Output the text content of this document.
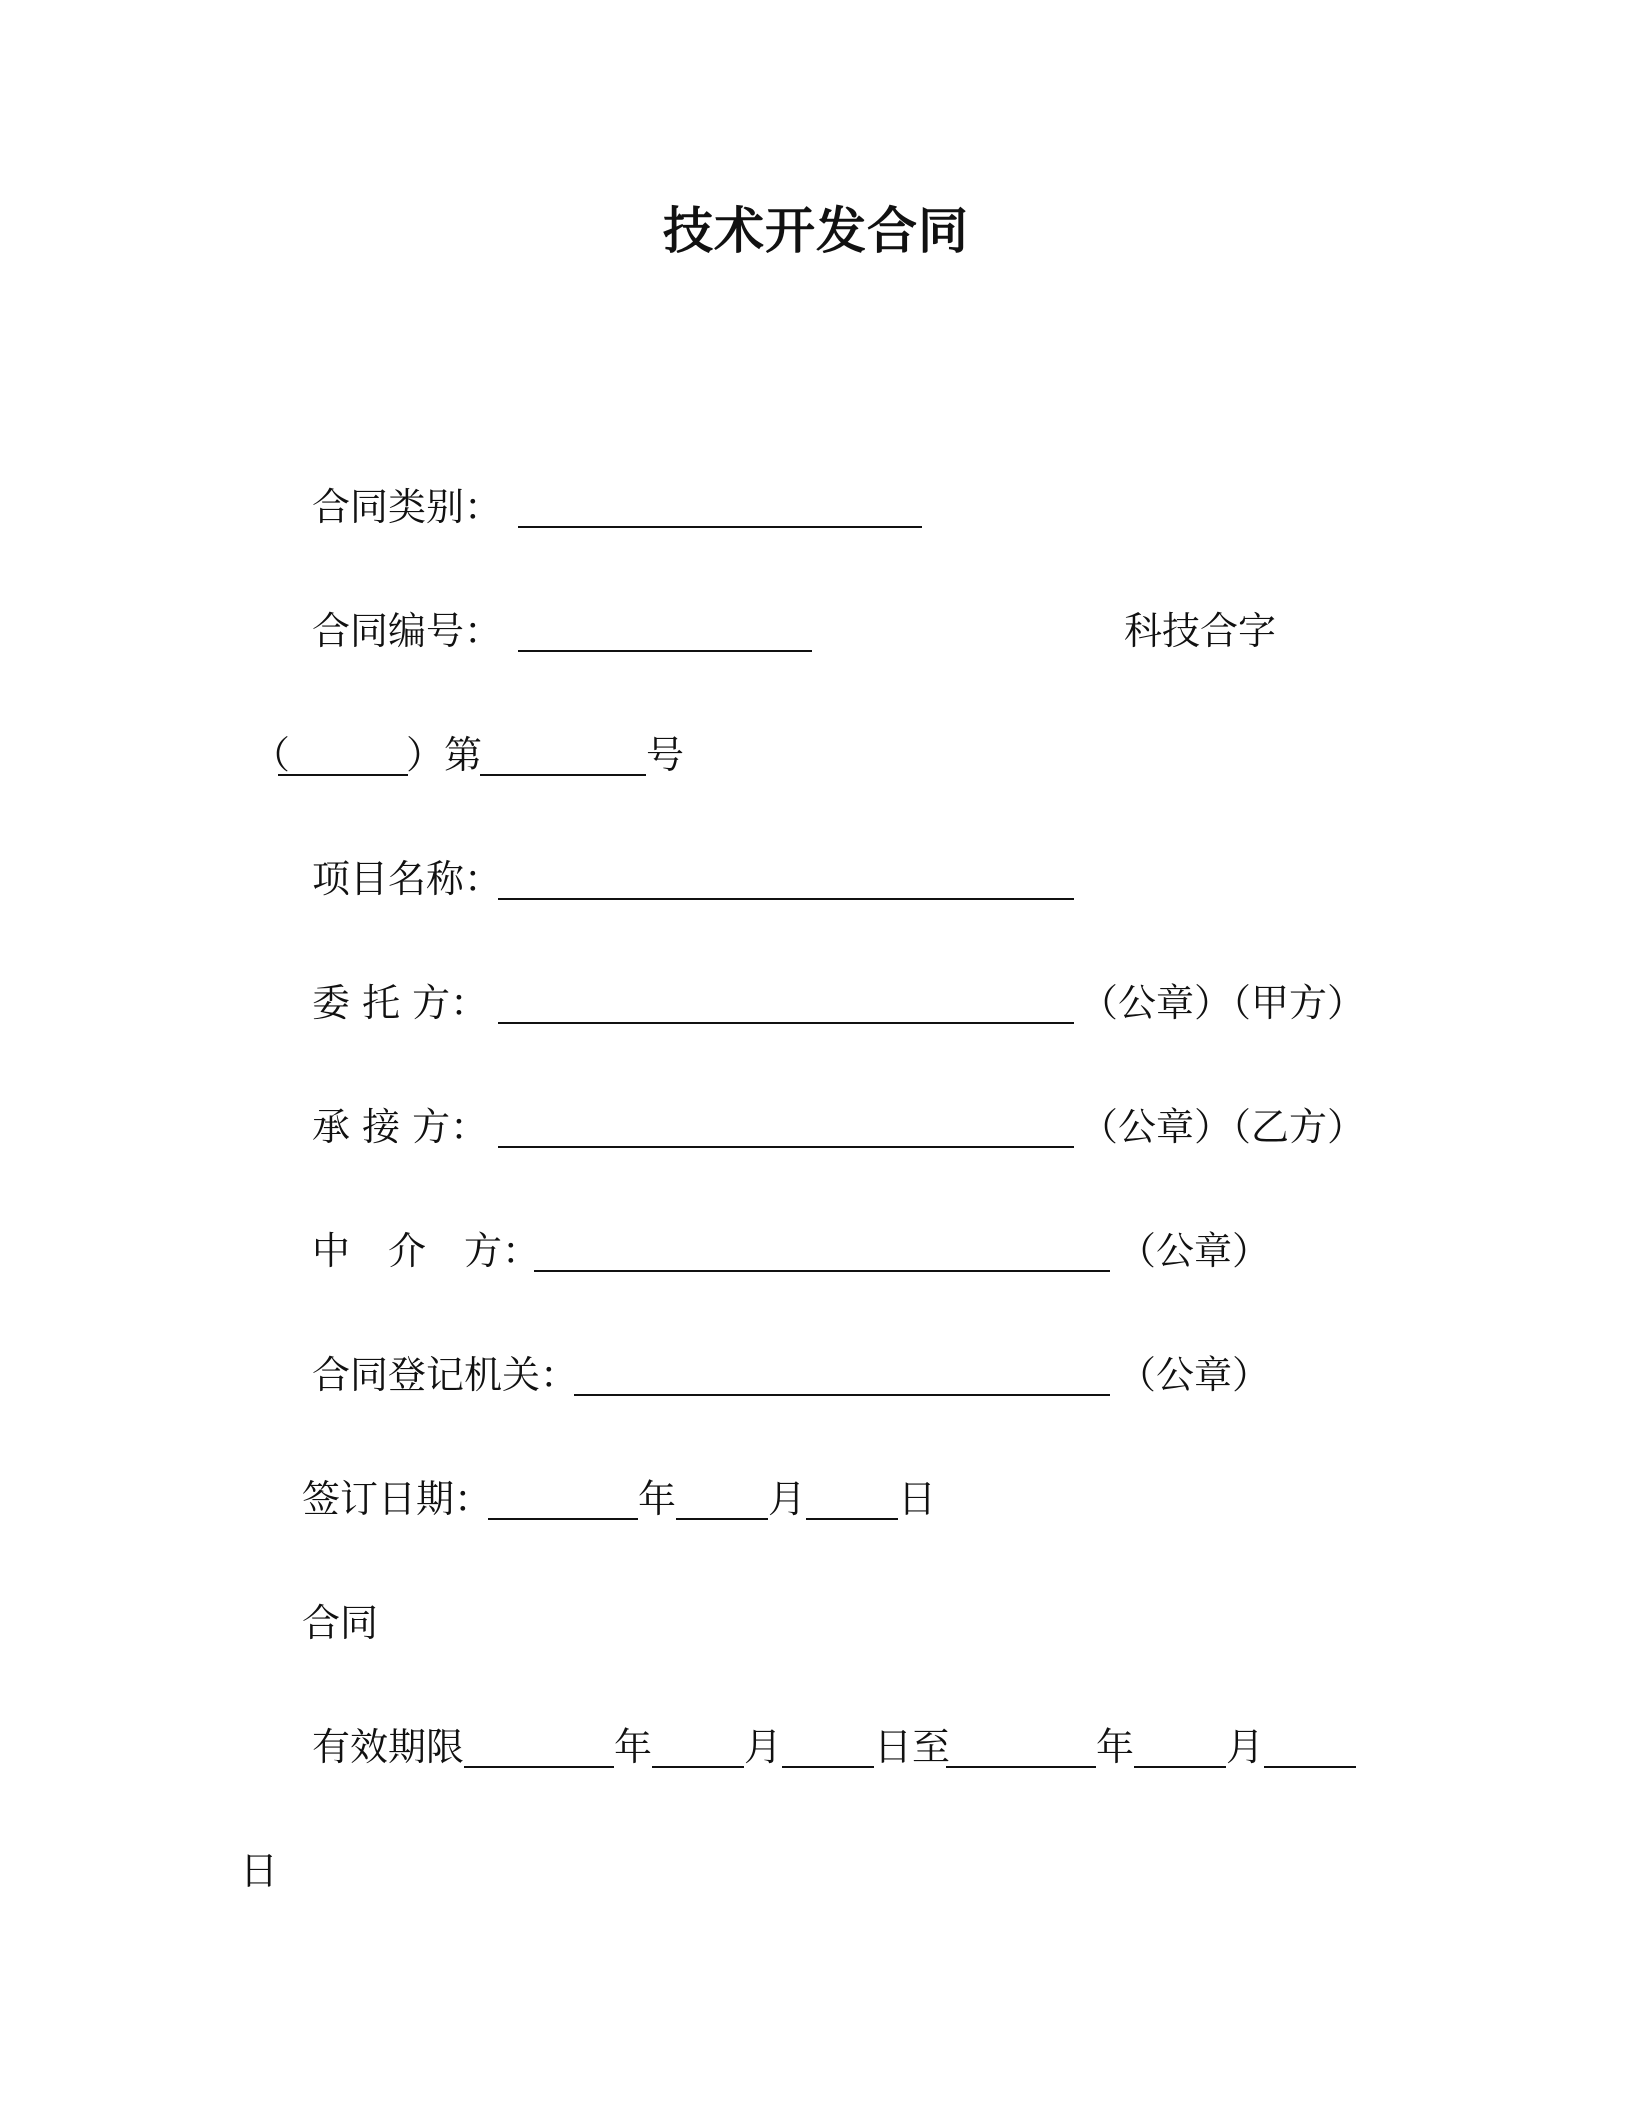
技术开发合同
合同类别：
合同编号：	科技合字
（	）第	号
项目名称：
委 托 方：	（公章）（甲方）
承 接 方：	（公章）（乙方）
中　介　方：	（公章）
合同登记机关：	（公章）
签订日期：	年 月 日
合同
有效期限	年 月 日至	年 月
日
